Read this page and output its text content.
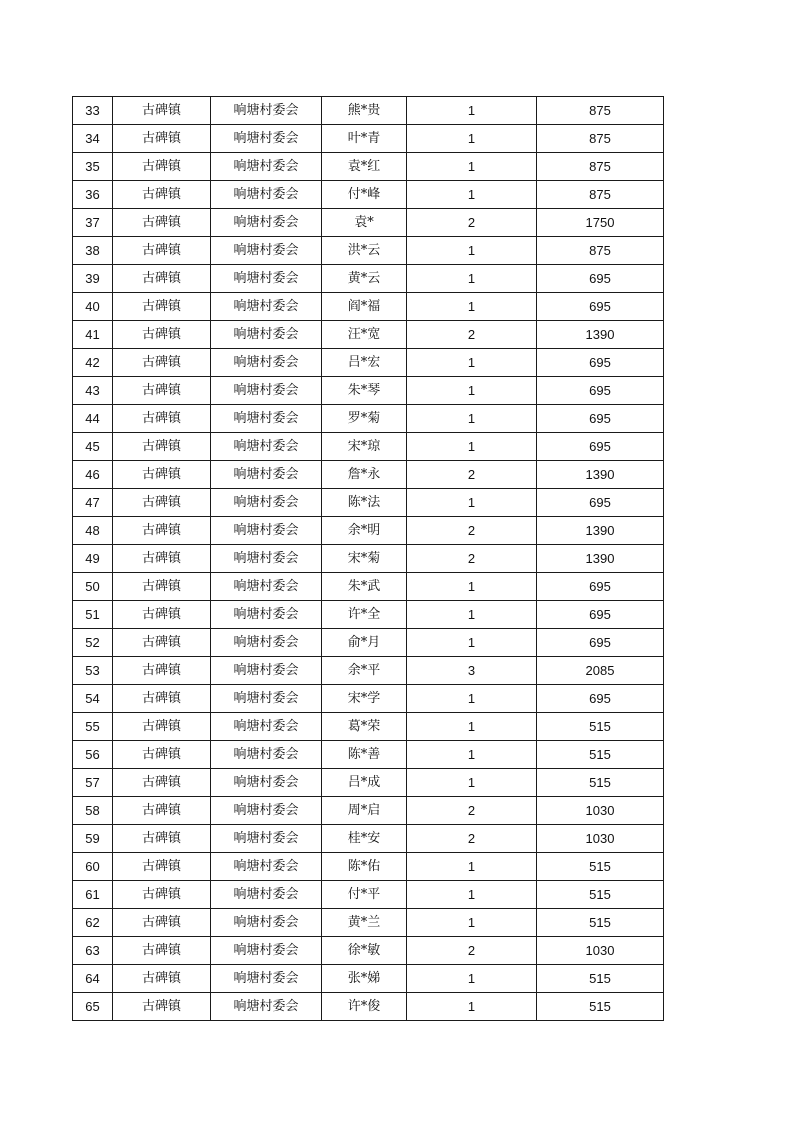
33	古碑镇	响塘村委会	熊*贵	1	875
34	古碑镇	响塘村委会	叶*青	1	875
35	古碑镇	响塘村委会	袁*红	1	875
36	古碑镇	响塘村委会	付*峰	1	875
37	古碑镇	响塘村委会	袁*	2	1750
38	古碑镇	响塘村委会	洪*云	1	875
39	古碑镇	响塘村委会	黄*云	1	695
40	古碑镇	响塘村委会	阎*福	1	695
41	古碑镇	响塘村委会	汪*宽	2	1390
42	古碑镇	响塘村委会	吕*宏	1	695
43	古碑镇	响塘村委会	朱*琴	1	695
44	古碑镇	响塘村委会	罗*菊	1	695
45	古碑镇	响塘村委会	宋*琼	1	695
46	古碑镇	响塘村委会	詹*永	2	1390
47	古碑镇	响塘村委会	陈*法	1	695
48	古碑镇	响塘村委会	余*明	2	1390
49	古碑镇	响塘村委会	宋*菊	2	1390
50	古碑镇	响塘村委会	朱*武	1	695
51	古碑镇	响塘村委会	许*全	1	695
52	古碑镇	响塘村委会	俞*月	1	695
53	古碑镇	响塘村委会	余*平	3	2085
54	古碑镇	响塘村委会	宋*学	1	695
55	古碑镇	响塘村委会	葛*荣	1	515
56	古碑镇	响塘村委会	陈*善	1	515
57	古碑镇	响塘村委会	吕*成	1	515
58	古碑镇	响塘村委会	周*启	2	1030
59	古碑镇	响塘村委会	桂*安	2	1030
60	古碑镇	响塘村委会	陈*佑	1	515
61	古碑镇	响塘村委会	付*平	1	515
62	古碑镇	响塘村委会	黄*兰	1	515
63	古碑镇	响塘村委会	徐*敏	2	1030
64	古碑镇	响塘村委会	张*娣	1	515
65	古碑镇	响塘村委会	许*俊	1	515
